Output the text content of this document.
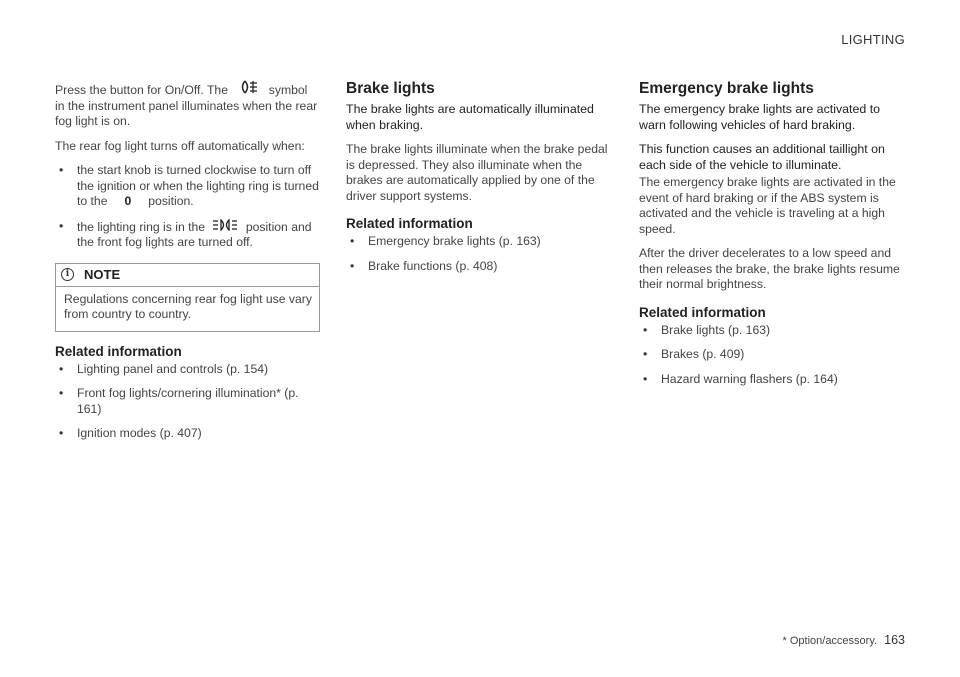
LIGHTING

Press the button for On/Off. The	symbol in the instrument panel illuminates when the rear fog light is on.

The rear fog light turns off automatically when:

• the start knob is turned clockwise to turn off the ignition or when the lighting ring is turned to the 0 position.
• the lighting ring is in the	position and the front fog lights are turned off.
i	NOTE
Regulations concerning rear fog light use vary from country to country.
Related information
• Lighting panel and controls (p. 154)
• Front fog lights/cornering illumination* (p. 161)
• Ignition modes (p. 407)
Brake lights

The brake lights are automatically illuminated when braking.

The brake lights illuminate when the brake pedal is depressed. They also illuminate when the brakes are automatically applied by one of the driver support systems.

Related information
• Emergency brake lights (p. 163)
• Brake functions (p. 408)
Emergency brake lights

The emergency brake lights are activated to warn following vehicles of hard braking.

This function causes an additional taillight on each side of the vehicle to illuminate.

The emergency brake lights are activated in the event of hard braking or if the ABS system is activated and the vehicle is traveling at a high speed.

After the driver decelerates to a low speed and then releases the brake, the brake lights resume their normal brightness.

Related information
• Brake lights (p. 163)
• Brakes (p. 409)
• Hazard warning flashers (p. 164)
* Option/accessory. 163
